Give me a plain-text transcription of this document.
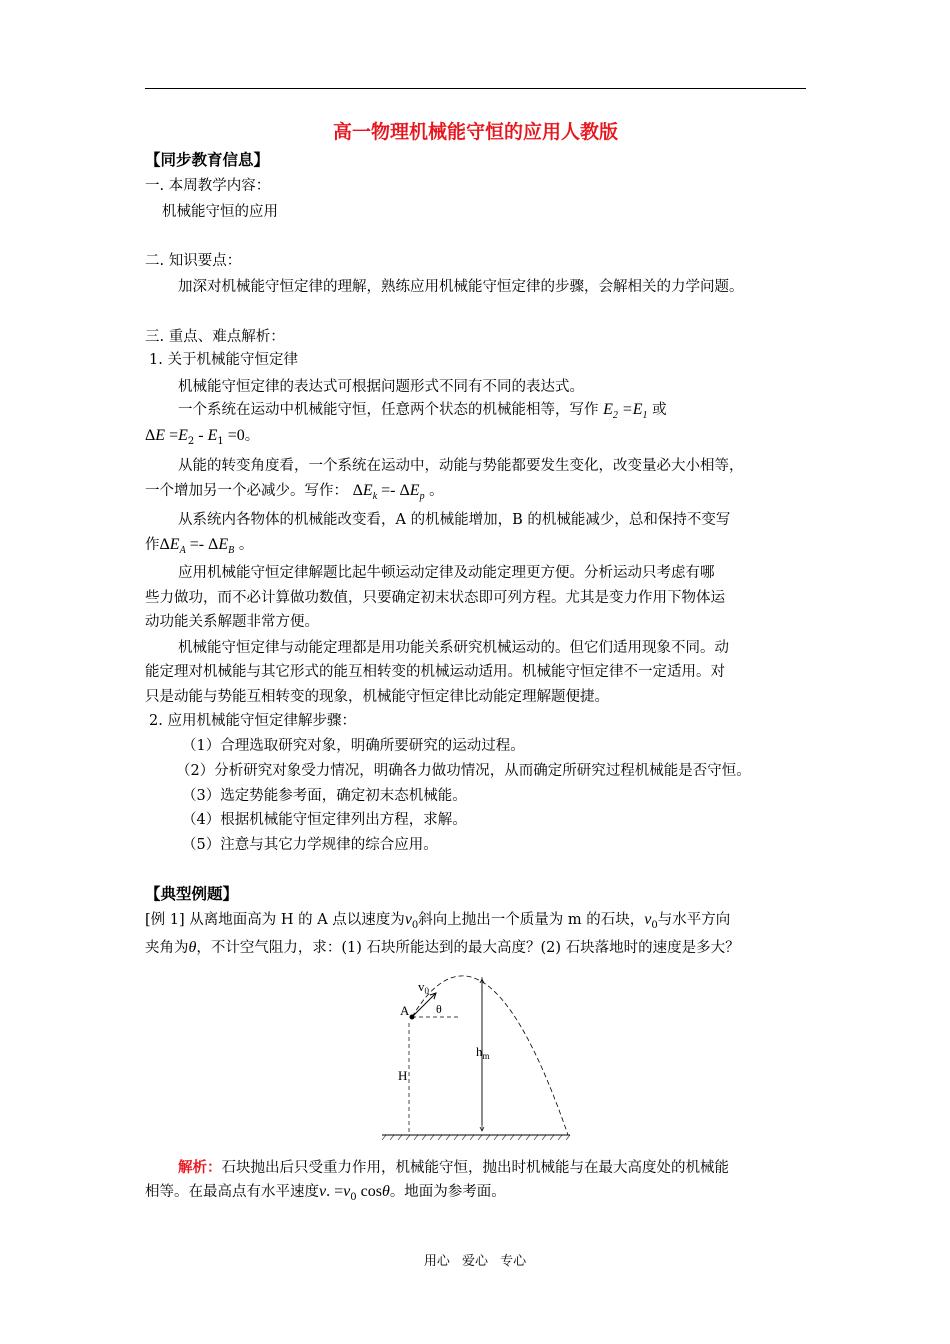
高一物理机械能守恒的应用人教版
【同步教育信息】
一. 本周教学内容：
机械能守恒的应用
二. 知识要点：
加深对机械能守恒定律的理解，熟练应用机械能守恒定律的步骤，会解相关的力学问题。
三. 重点、难点解析：
1. 关于机械能守恒定律
机械能守恒定律的表达式可根据问题形式不同有不同的表达式。
一个系统在运动中机械能守恒，任意两个状态的机械能相等，写作 $E_2 =E_1$ 或
$\Delta E =E_2 - E_1 =0$。
从能的转变角度看，一个系统在运动中，动能与势能都要发生变化，改变量必大小相等，
一个增加另一个必减少。写作： $\Delta E_k =- \Delta E_p$ 。
从系统内各物体的机械能改变看，A 的机械能增加，B 的机械能减少，总和保持不变写
作$\Delta E_A =- \Delta E_B$ 。
应用机械能守恒定律解题比起牛顿运动定律及动能定理更方便。分析运动只考虑有哪
些力做功，而不必计算做功数值，只要确定初末状态即可列方程。尤其是变力作用下物体运
动功能关系解题非常方便。
机械能守恒定律与动能定理都是用功能关系研究机械运动的。但它们适用现象不同。动
能定理对机械能与其它形式的能互相转变的机械运动适用。机械能守恒定律不一定适用。对
只是动能与势能互相转变的现象，机械能守恒定律比动能定理解题便捷。
2. 应用机械能守恒定律解步骤：
（1）合理选取研究对象，明确所要研究的运动过程。
（2）分析研究对象受力情况，明确各力做功情况，从而确定所研究过程机械能是否守恒。
（3）选定势能参考面，确定初末态机械能。
（4）根据机械能守恒定律列出方程，求解。
（5）注意与其它力学规律的综合应用。
【典型例题】
[例 1] 从离地面高为 H 的 A 点以速度为$v_0$斜向上抛出一个质量为 m 的石块，$v_0$与水平方向
夹角为θ，不计空气阻力，求：(1) 石块所能达到的最大高度？(2) 石块落地时的速度是多大？
$v_0$
A θ
H
$h_m$
解析：石块抛出后只受重力作用，机械能守恒，抛出时机械能与在最大高度处的机械能
相等。在最高点有水平速度v. $=v_0$ cosθ。地面为参考面。
用心 爱心 专心
